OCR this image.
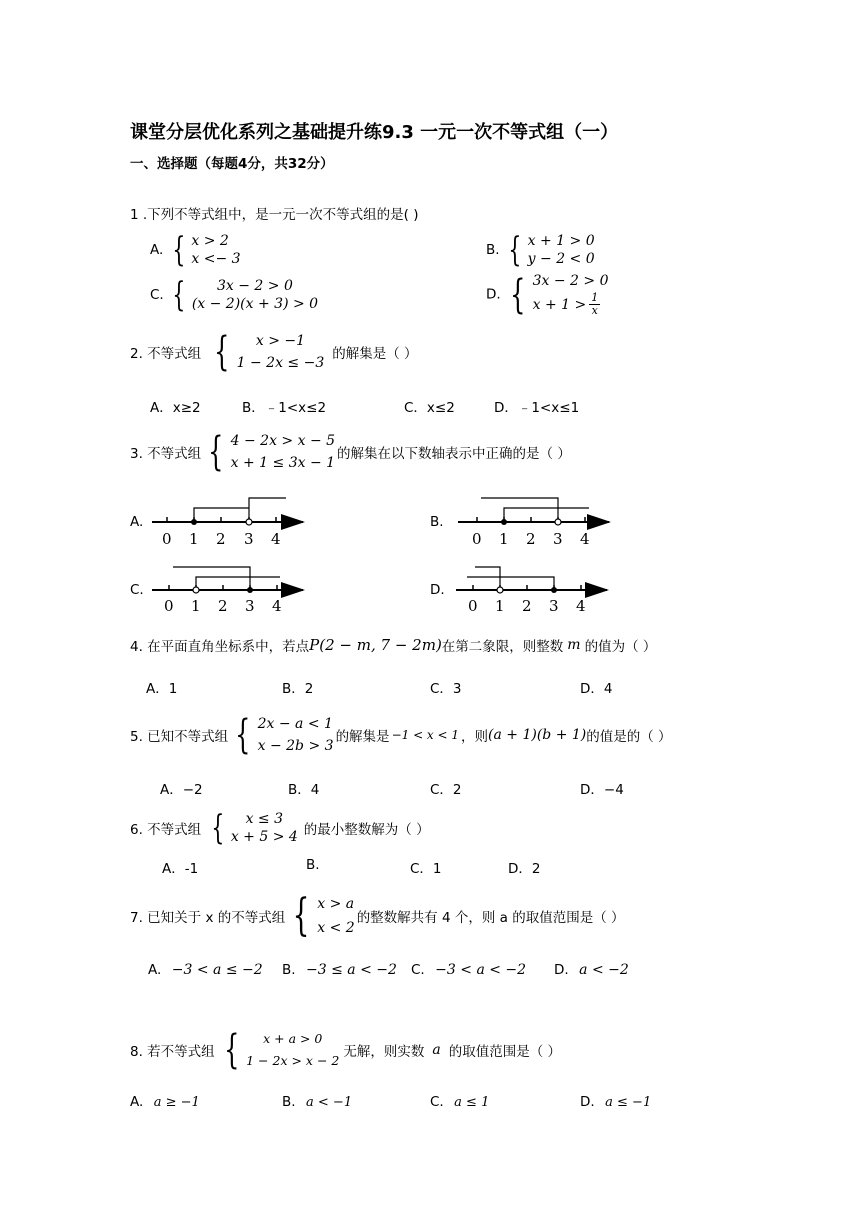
课堂分层优化系列之基础提升练9.3 一元一次不等式组（一）
一、选择题（每题4分，共32分）
1 .下列不等式组中，是一元一次不等式组的是( )
A. { x > 2
x <− 3
B. { x + 1 > 0
y − 2 < 0
C. {	3x − 2 > 0
(x − 2)(x + 3) > 0
D. { 3x − 2 > 0
$x + 1 > \frac{1}{x}$
2. 不等式组 {	x > −1
1 − 2x ≤ −3
的解集是（ ）
A．x≥2	B．﹣1<x≤2	C．x≤2	D．﹣1<x≤1
3. 不等式组 { 4 − 2x > x − 5
x + 1 ≤ 3x − 1
的解集在以下数轴表示中正确的是（ ）
A.	B.
C.	D.
0 1 2 3 4	0 1 2 3 4
0 1 2 3 4	0 1 2 3 4
4. 在平面直角坐标系中，若点 P(2 − m, 7 − 2m) 在第二象限，则整数 m 的值为（ ）
A．1	B．2	C．3	D．4
5. 已知不等式组 { 2x − a < 1
x − 2b > 3
的解集是 −1 < x < 1 ，则 (a + 1)(b + 1) 的值是的（ ）
A．−2	B．4	C．2	D．−4
6. 不等式组 {	x ≤ 3
x + 5 > 4 的最小整数解为（ ）
A．-1	B.	C．1	D．2
7. 已知关于 x 的不等式组 { x > a
x < 2
的整数解共有 4 个，则 a 的取值范围是（ ）
A. −3 < a ≤ −2 B. −3 ≤ a < −2 C. −3 < a < −2 D. a < −2
8. 若不等式组 {	x + a > 0
1 − 2x > x − 2
无解，则实数 a 的取值范围是（ ）
A. a ≥ −1	B. a < −1	C. a ≤ 1	D. a ≤ −1
